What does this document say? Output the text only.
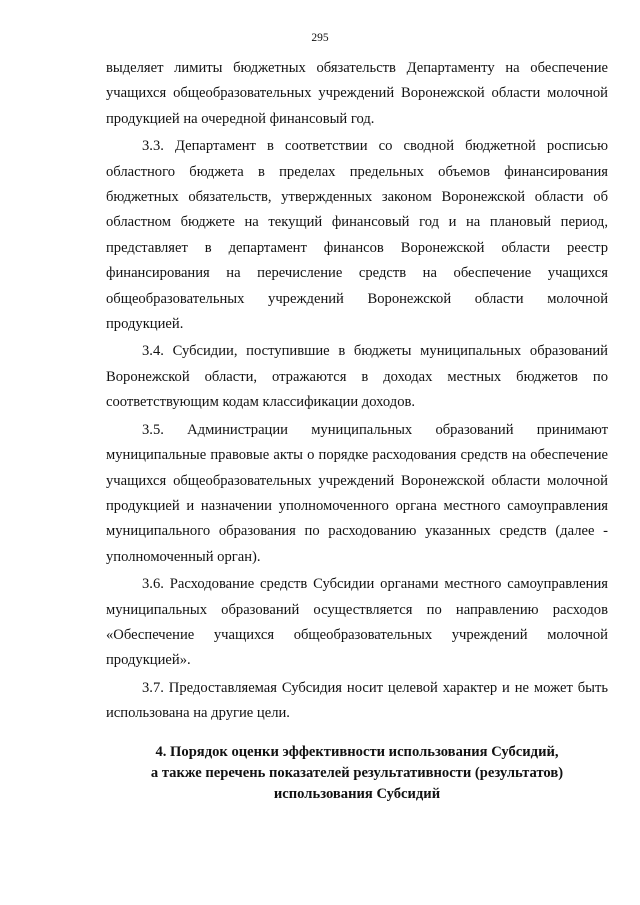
295

выделяет лимиты бюджетных обязательств Департаменту на обеспечение учащихся общеобразовательных учреждений Воронежской области молочной продукцией на очередной финансовый год.

3.3. Департамент в соответствии со сводной бюджетной росписью областного бюджета в пределах предельных объемов финансирования бюджетных обязательств, утвержденных законом Воронежской области об областном бюджете на текущий финансовый год и на плановый период, представляет в департамент финансов Воронежской области реестр финансирования на перечисление средств на обеспечение учащихся общеобразовательных учреждений Воронежской области молочной продукцией.

3.4. Субсидии, поступившие в бюджеты муниципальных образований Воронежской области, отражаются в доходах местных бюджетов по соответствующим кодам классификации доходов.

3.5. Администрации муниципальных образований принимают муниципальные правовые акты о порядке расходования средств на обеспечение учащихся общеобразовательных учреждений Воронежской области молочной продукцией и назначении уполномоченного органа местного самоуправления муниципального образования по расходованию указанных средств (далее - уполномоченный орган).

3.6. Расходование средств Субсидии органами местного самоуправления муниципальных образований осуществляется по направлению расходов «Обеспечение учащихся общеобразовательных учреждений молочной продукцией».

3.7. Предоставляемая Субсидия носит целевой характер и не может быть использована на другие цели.

4. Порядок оценки эффективности использования Субсидий,
а также перечень показателей результативности (результатов)
использования Субсидий
